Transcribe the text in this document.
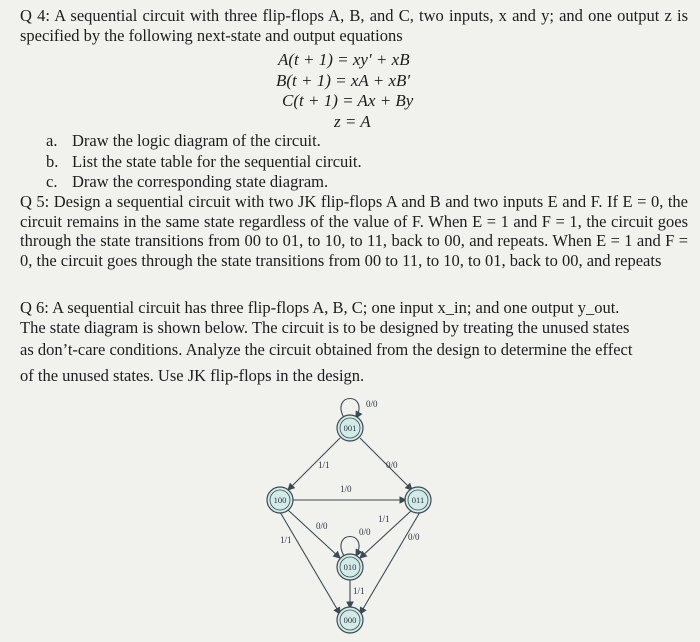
Q 4: A sequential circuit with three flip-flops A, B, and C, two inputs, x and y; and one output z is specified by the following next-state and output equations

A(t + 1) = xy′ + xB
B(t + 1) = xA + xB′
C(t + 1) = Ax + By
z = A
a. Draw the logic diagram of the circuit.
b. List the state table for the sequential circuit.
c. Draw the corresponding state diagram.

Q 5: Design a sequential circuit with two JK flip-flops A and B and two inputs E and F. If E = 0, the circuit remains in the same state regardless of the value of F. When E = 1 and F = 1, the circuit goes through the state transitions from 00 to 01, to 10, to 11, back to 00, and repeats. When E = 1 and F = 0, the circuit goes through the state transitions from 00 to 11, to 10, to 01, back to 00, and repeats

Q 6: A sequential circuit has three flip-flops A, B, C; one input x_in; and one output y_out.
The state diagram is shown below. The circuit is to be designed by treating the unused states
as don’t-care conditions. Analyze the circuit obtained from the design to determine the effect
of the unused states. Use JK flip-flops in the design.
001
100	011
010
000
0/0
1/1	0/0
1/0
0/0
1/1
1/1
0/0
0/0
1/1
